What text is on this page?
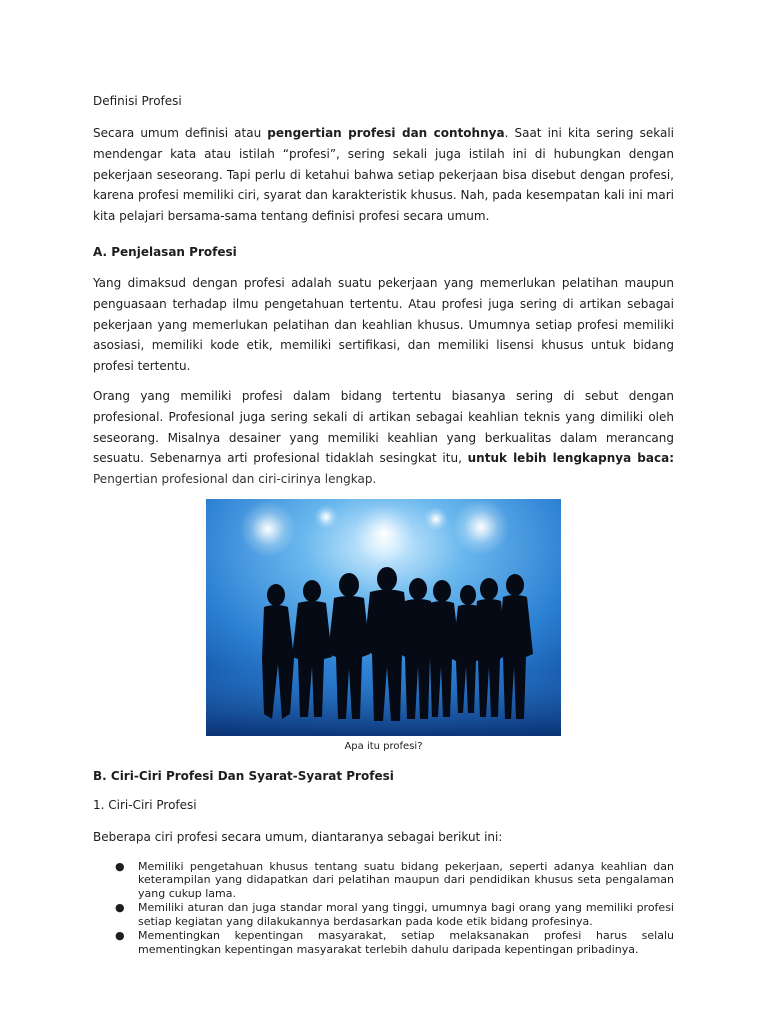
Definisi Profesi

Secara umum definisi atau pengertian profesi dan contohnya. Saat ini kita sering sekali mendengar kata atau istilah “profesi”, sering sekali juga istilah ini di hubungkan dengan pekerjaan seseorang. Tapi perlu di ketahui bahwa setiap pekerjaan bisa disebut dengan profesi, karena profesi memiliki ciri, syarat dan karakteristik khusus. Nah, pada kesempatan kali ini mari kita pelajari bersama-sama tentang definisi profesi secara umum.

A. Penjelasan Profesi

Yang dimaksud dengan profesi adalah suatu pekerjaan yang memerlukan pelatihan maupun penguasaan terhadap ilmu pengetahuan tertentu. Atau profesi juga sering di artikan sebagai pekerjaan yang memerlukan pelatihan dan keahlian khusus. Umumnya setiap profesi memiliki asosiasi, memiliki kode etik, memiliki sertifikasi, dan memiliki lisensi khusus untuk bidang profesi tertentu.

Orang yang memiliki profesi dalam bidang tertentu biasanya sering di sebut dengan profesional. Profesional juga sering sekali di artikan sebagai keahlian teknis yang dimiliki oleh seseorang. Misalnya desainer yang memiliki keahlian yang berkualitas dalam merancang sesuatu. Sebenarnya arti profesional tidaklah sesingkat itu, untuk lebih lengkapnya baca: Pengertian profesional dan ciri-cirinya lengkap.

Apa itu profesi?
B. Ciri-Ciri Profesi Dan Syarat-Syarat Profesi
1. Ciri-Ciri Profesi

Beberapa ciri profesi secara umum, diantaranya sebagai berikut ini:

● Memiliki pengetahuan khusus tentang suatu bidang pekerjaan, seperti adanya keahlian dan keterampilan yang didapatkan dari pelatihan maupun dari pendidikan khusus seta pengalaman yang cukup lama.
● Memiliki aturan dan juga standar moral yang tinggi, umumnya bagi orang yang memiliki profesi setiap kegiatan yang dilakukannya berdasarkan pada kode etik bidang profesinya.
● Mementingkan kepentingan masyarakat, setiap melaksanakan profesi harus selalu mementingkan kepentingan masyarakat terlebih dahulu daripada kepentingan pribadinya.
